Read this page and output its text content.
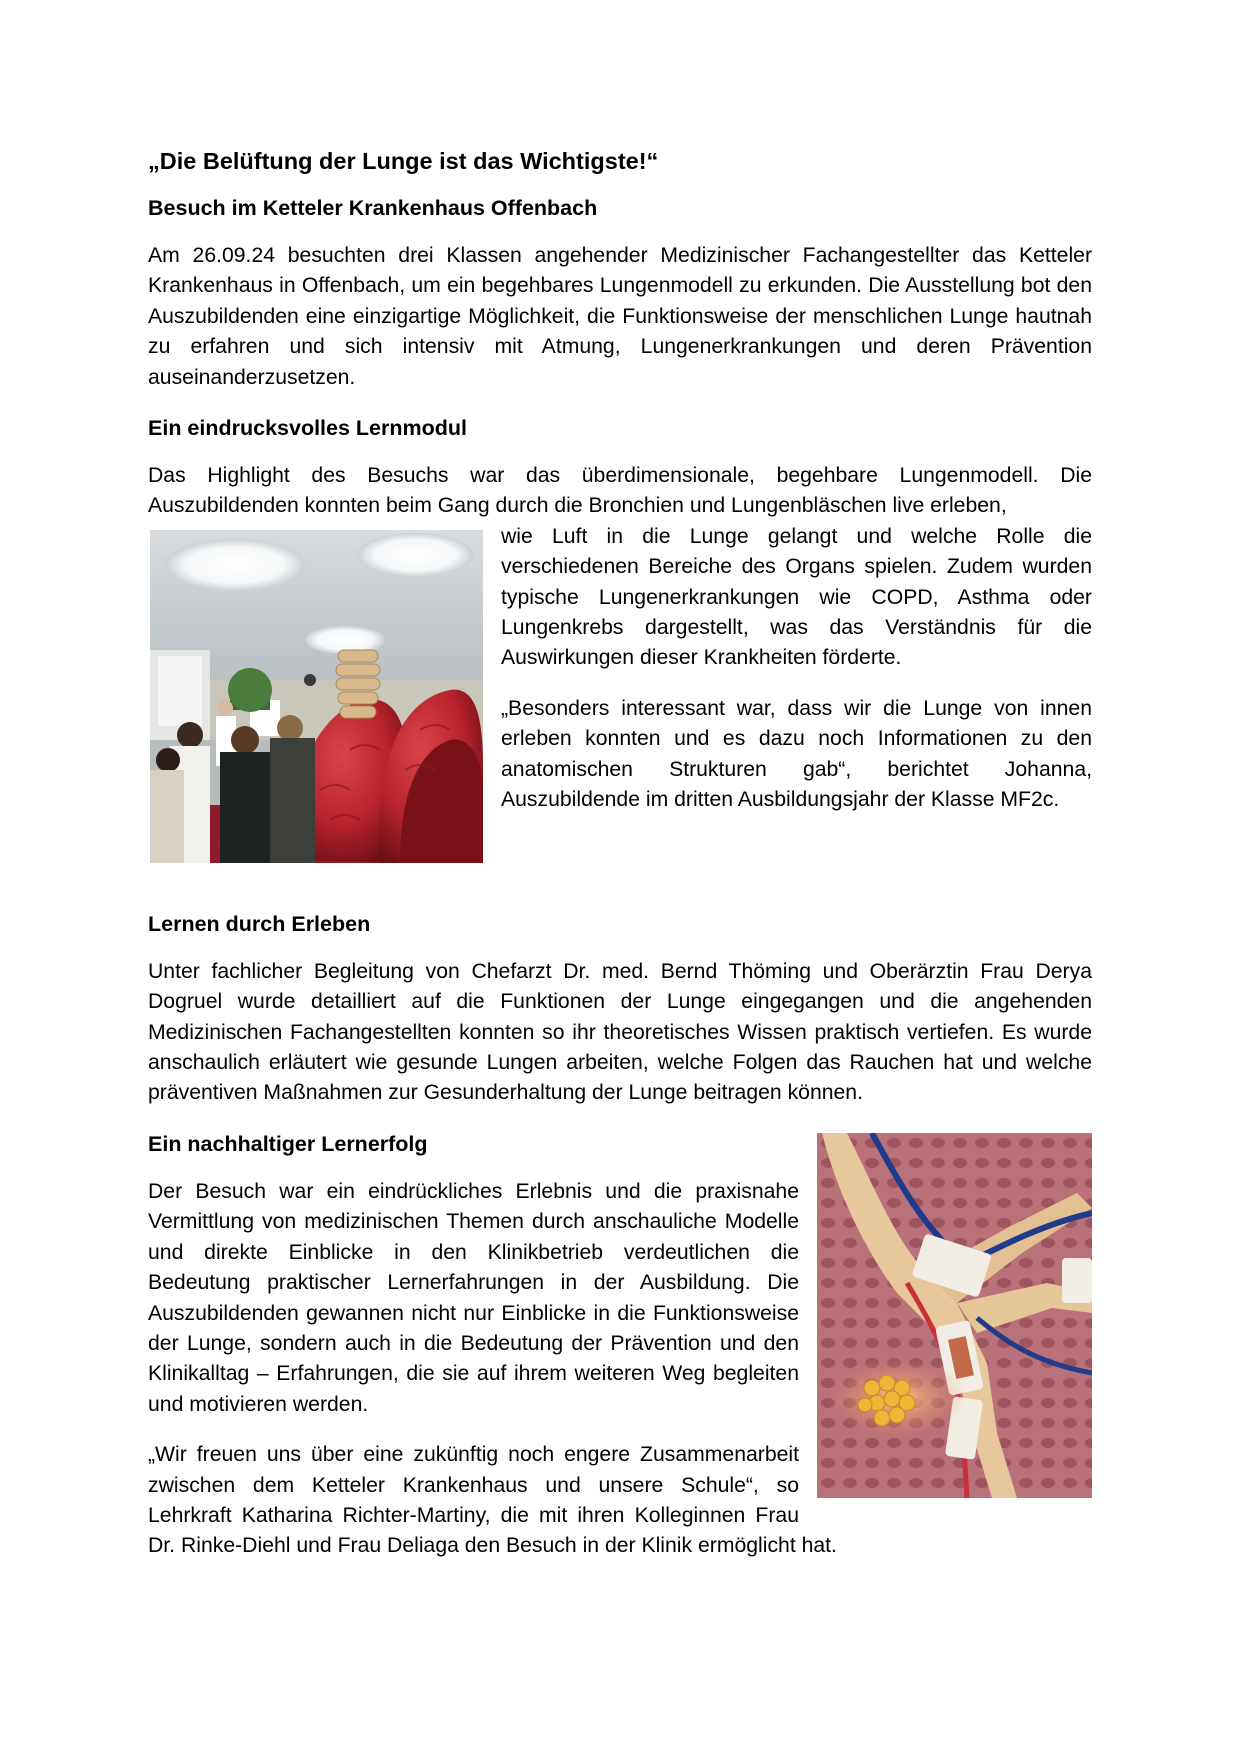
„Die Belüftung der Lunge ist das Wichtigste!“
Besuch im Ketteler Krankenhaus Offenbach

Am 26.09.24 besuchten drei Klassen angehender Medizinischer Fachangestellter das Ketteler Krankenhaus in Offenbach, um ein begehbares Lungenmodell zu erkunden. Die Ausstellung bot den Auszubildenden eine einzigartige Möglichkeit, die Funktionsweise der menschlichen Lunge hautnah zu erfahren und sich intensiv mit Atmung, Lungenerkrankungen und deren Prävention auseinanderzusetzen.

Ein eindrucksvolles Lernmodul

Das Highlight des Besuchs war das überdimensionale, begehbare Lungenmodell. Die Auszubildenden konnten beim Gang durch die Bronchien und Lungenbläschen live erleben,

wie Luft in die Lunge gelangt und welche Rolle die verschiedenen Bereiche des Organs spielen. Zudem wurden typische Lungenerkrankungen wie COPD, Asthma oder Lungenkrebs dargestellt, was das Verständnis für die Auswirkungen dieser Krankheiten förderte.

„Besonders interessant war, dass wir die Lunge von innen erleben konnten und es dazu noch Informationen zu den anatomischen Strukturen gab“, berichtet Johanna, Auszubildende im dritten Ausbildungsjahr der Klasse MF2c.

Lernen durch Erleben

Unter fachlicher Begleitung von Chefarzt Dr. med. Bernd Thöming und Oberärztin Frau Derya Dogruel wurde detailliert auf die Funktionen der Lunge eingegangen und die angehenden Medizinischen Fachangestellten konnten so ihr theoretisches Wissen praktisch vertiefen. Es wurde anschaulich erläutert wie gesunde Lungen arbeiten, welche Folgen das Rauchen hat und welche präventiven Maßnahmen zur Gesunderhaltung der Lunge beitragen können.

Ein nachhaltiger Lernerfolg

Der Besuch war ein eindrückliches Erlebnis und die praxisnahe Vermittlung von medizinischen Themen durch anschauliche Modelle und direkte Einblicke in den Klinikbetrieb verdeutlichen die Bedeutung praktischer Lernerfahrungen in der Ausbildung. Die Auszubildenden gewannen nicht nur Einblicke in die Funktionsweise der Lunge, sondern auch in die Bedeutung der Prävention und den Klinikalltag – Erfahrungen, die sie auf ihrem weiteren Weg begleiten und motivieren werden.

„Wir freuen uns über eine zukünftig noch engere Zusammenarbeit zwischen dem Ketteler Krankenhaus und unsere Schule“, so Lehrkraft Katharina Richter-Martiny, die mit ihren Kolleginnen Frau Dr. Rinke-Diehl und Frau Deliaga den Besuch in der Klinik ermöglicht hat.
